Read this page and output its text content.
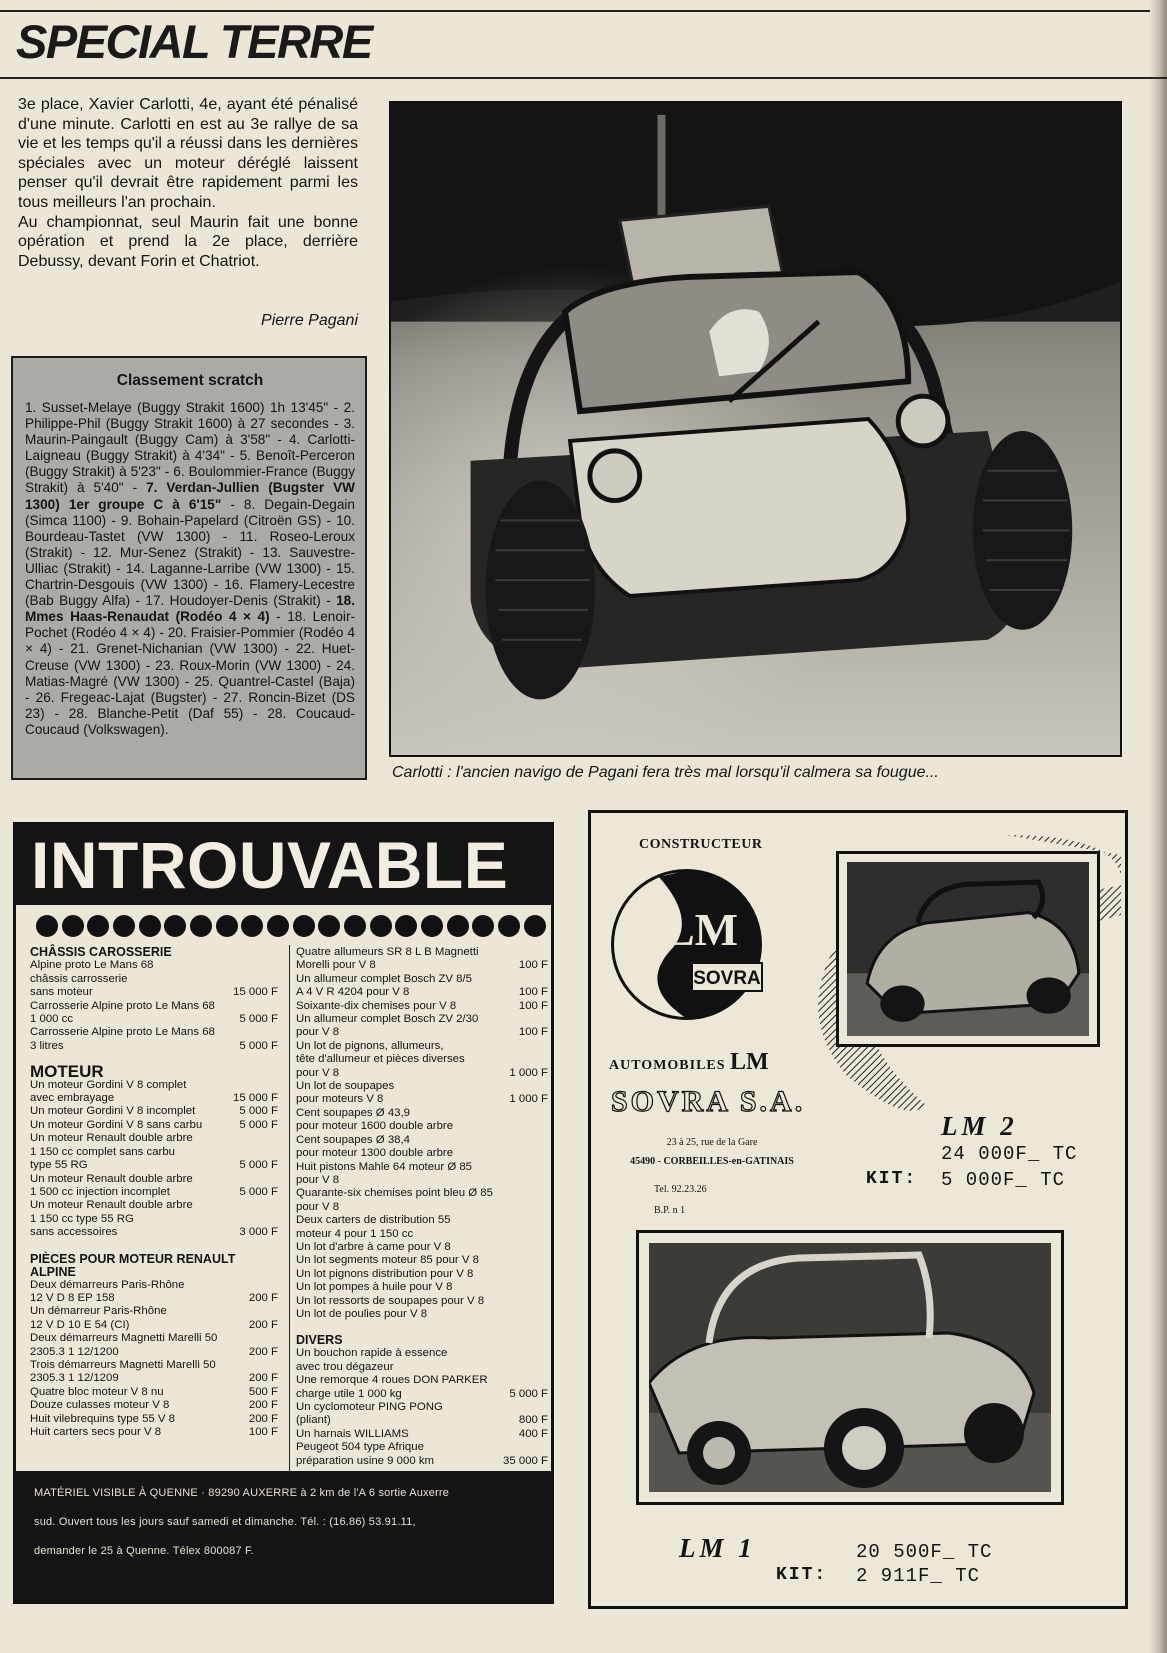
SPECIAL TERRE

3e place, Xavier Carlotti, 4e, ayant été pénalisé d'une minute. Carlotti en est au 3e rallye de sa vie et les temps qu'il a réussi dans les dernières spéciales avec un moteur déréglé laissent penser qu'il devrait être rapidement parmi les tous meilleurs l'an prochain.

Au championnat, seul Maurin fait une bonne opération et prend la 2e place, derrière Debussy, devant Forin et Chatriot.

Pierre Pagani
Classement scratch
1. Susset-Melaye (Buggy Strakit 1600) 1h 13'45" - 2. Philippe-Phil (Buggy Strakit 1600) à 27 secondes - 3. Maurin-Paingault (Buggy Cam) à 3'58" - 4. Carlotti-Laigneau (Buggy Strakit) à 4'34" - 5. Benoît-Perceron (Buggy Strakit) à 5'23" - 6. Boulommier-France (Buggy Strakit) à 5'40" - 7. Verdan-Jullien (Bugster VW 1300) 1er groupe C à 6'15" - 8. Degain-Degain (Simca 1100) - 9. Bohain-Papelard (Citroën GS) - 10. Bourdeau-Tastet (VW 1300) - 11. Roseo-Leroux (Strakit) - 12. Mur-Senez (Strakit) - 13. Sauvestre-Ulliac (Strakit) - 14. Laganne-Larribe (VW 1300) - 15. Chartrin-Desgouis (VW 1300) - 16. Flamery-Lecestre (Bab Buggy Alfa) - 17. Houdoyer-Denis (Strakit) - 18. Mmes Haas-Renaudat (Rodéo 4 × 4) - 18. Lenoir-Pochet (Rodéo 4 × 4) - 20. Fraisier-Pommier (Rodéo 4 × 4) - 21. Grenet-Nichanian (VW 1300) - 22. Huet-Creuse (VW 1300) - 23. Roux-Morin (VW 1300) - 24. Matias-Magré (VW 1300) - 25. Quantrel-Castel (Baja) - 26. Fregeac-Lajat (Bugster) - 27. Roncin-Bizet (DS 23) - 28. Blanche-Petit (Daf 55) - 28. Coucaud-Coucaud (Volkswagen).
Carlotti : l'ancien navigo de Pagani fera très mal lorsqu'il calmera sa fougue...
INTROUVABLE
CHÂSSIS CAROSSERIE
Alpine proto Le Mans 68
châssis carrosserie
sans moteur	15 000 F
Carrosserie Alpine proto Le Mans 68
1 000 cc	5 000 F
Carrosserie Alpine proto Le Mans 68
3 litres	5 000 F
MOTEUR
Un moteur Gordini V 8 complet
avec embrayage	15 000 F
Un moteur Gordini V 8 incomplet	5 000 F
Un moteur Gordini V 8 sans carbu	5 000 F
Un moteur Renault double arbre
1 150 cc complet sans carbu
type 55 RG	5 000 F
Un moteur Renault double arbre
1 500 cc injection incomplet	5 000 F
Un moteur Renault double arbre
1 150 cc type 55 RG
sans accessoires	3 000 F
PIÈCES POUR MOTEUR RENAULT ALPINE
Deux démarreurs Paris-Rhône
12 V D 8 EP 158	200 F
Un démarreur Paris-Rhône
12 V D 10 E 54 (CI)	200 F
Deux démarreurs Magnetti Marelli 50
2305.3 1 12/1200	200 F
Trois démarreurs Magnetti Marelli 50
2305.3 1 12/1209	200 F
Quatre bloc moteur V 8 nu	500 F
Douze culasses moteur V 8	200 F
Huit vilebrequins type 55 V 8	200 F
Huit carters secs pour V 8	100 F
Quatre allumeurs SR 8 L B Magnetti
Morelli pour V 8	100 F
Un allumeur complet Bosch ZV 8/5
A 4 V R 4204 pour V 8	100 F
Soixante-dix chemises pour V 8	100 F
Un allumeur complet Bosch ZV 2/30
pour V 8	100 F
Un lot de pignons, allumeurs,
tête d'allumeur et pièces diverses
pour V 8	1 000 F
Un lot de soupapes
pour moteurs V 8	1 000 F
Cent soupapes Ø 43,9
pour moteur 1600 double arbre
Cent soupapes Ø 38,4
pour moteur 1300 double arbre
Huit pistons Mahle 64 moteur Ø 85
pour V 8
Quarante-six chemises point bleu Ø 85
pour V 8
Deux carters de distribution 55
moteur 4 pour 1 150 cc
Un lot d'arbre à came pour V 8
Un lot segments moteur 85 pour V 8
Un lot pignons distribution pour V 8
Un lot pompes à huile pour V 8
Un lot ressorts de soupapes pour V 8
Un lot de poulies pour V 8
DIVERS
Un bouchon rapide à essence
avec trou dégazeur
Une remorque 4 roues DON PARKER
charge utile 1 000 kg	5 000 F
Un cyclomoteur PING PONG
(pliant)	800 F
Un harnais WILLIAMS	400 F
Peugeot 504 type Afrique
préparation usine 9 000 km	35 000 F
MATÉRIEL VISIBLE À QUENNE · 89290 AUXERRE à 2 km de l'A 6 sortie Auxerre
sud. Ouvert tous les jours sauf samedi et dimanche. Tél. : (16.86) 53.91.11,
demander le 25 à Quenne. Télex 800087 F.
CONSTRUCTEUR
LM
SOVRA
AUTOMOBILES LM
SOVRA S.A.
23 à 25, rue de la Gare
45490 - CORBEILLES-en-GATINAIS
Tel. 92.23.26
B.P. n 1
LM 2
24 000F_ TC
KIT: 5 000F_ TC
LM 1	20 500F_ TC
KIT: 2 911F_ TC
